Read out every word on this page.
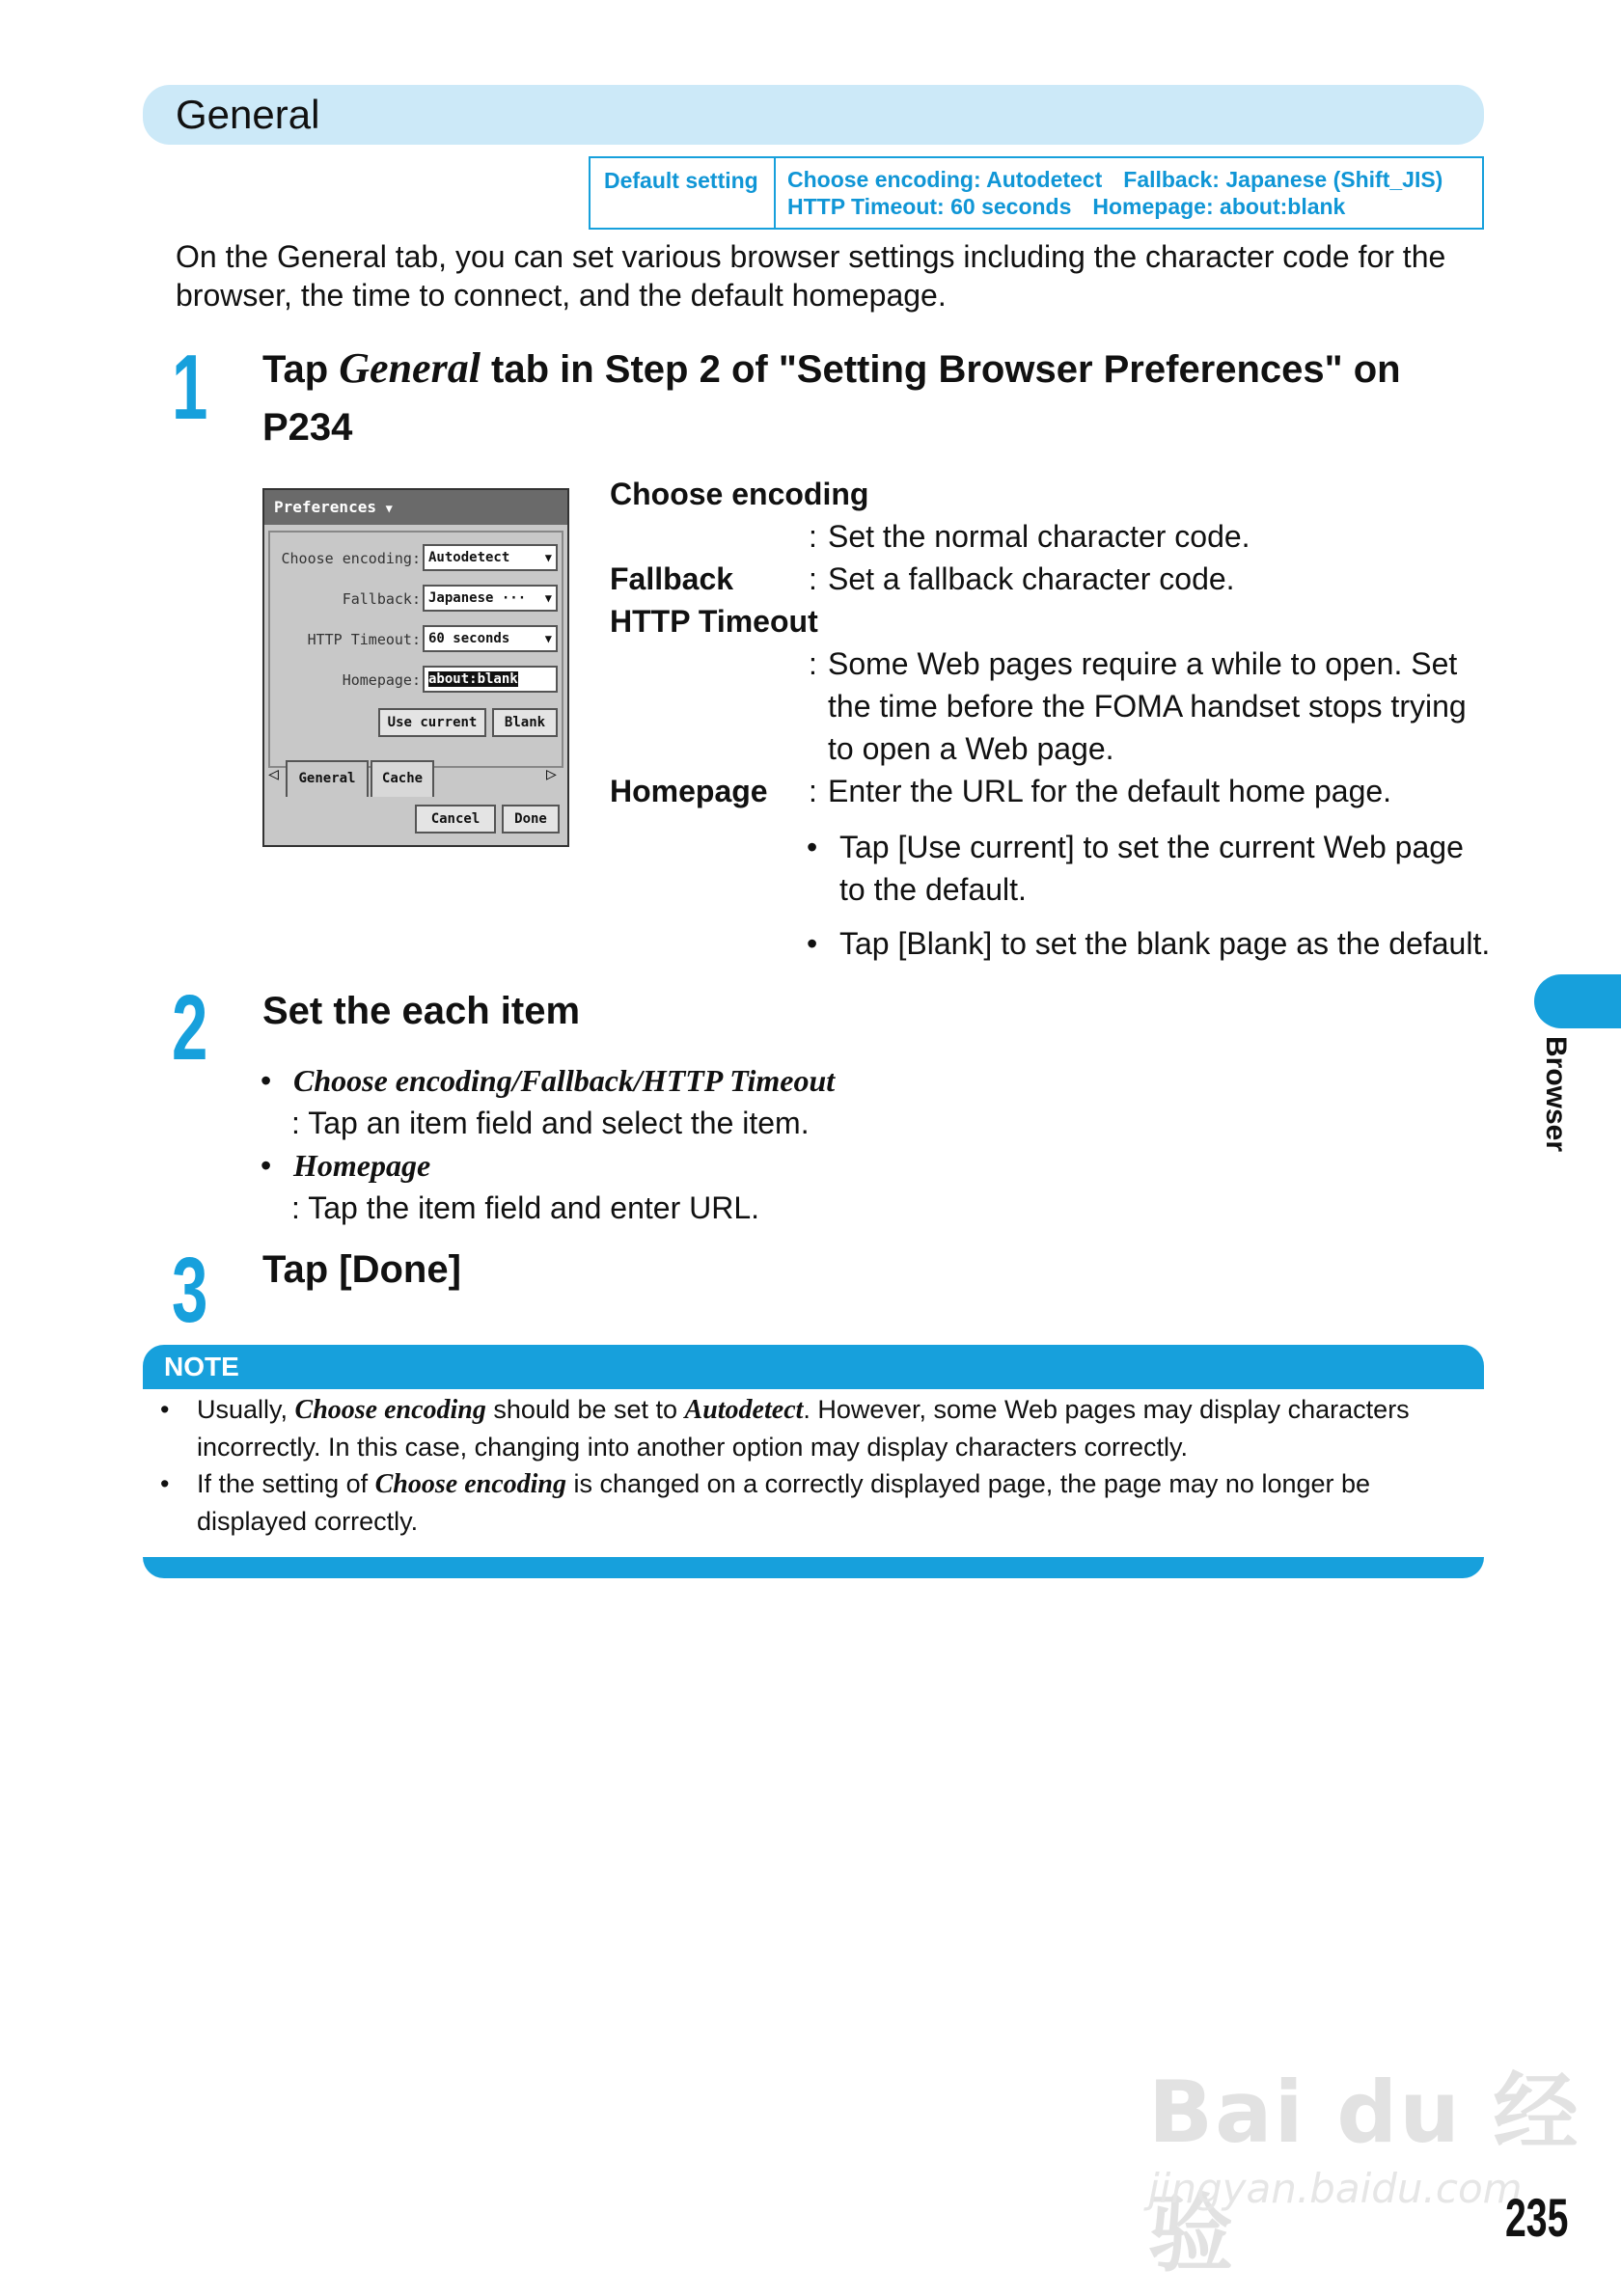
General
Default setting	Choose encoding: Autodetect Fallback: Japanese (Shift_JIS)
HTTP Timeout: 60 seconds Homepage: about:blank
On the General tab, you can set various browser settings including the character code for the browser, the time to connect, and the default homepage.
1 Tap General tab in Step 2 of "Setting Browser Preferences" on P234
Preferences ▼
Choose encoding: Autodetect	▼
Fallback: Japanese ··· ▼
HTTP Timeout: 60 seconds	▼
Homepage: about:blank
Use current	Blank
◁	General	Cache	▷
Cancel	Done
Choose encoding
: Set the normal character code.
Fallback : Set a fallback character code.
HTTP Timeout
: Some Web pages require a while to open. Set the time before the FOMA handset stops trying to open a Web page.
Homepage : Enter the URL for the default home page.
• Tap [Use current] to set the current Web page to the default.
• Tap [Blank] to set the blank page as the default.
2 Set the each item
• Choose encoding/Fallback/HTTP Timeout
: Tap an item field and select the item.
• Homepage
: Tap the item field and enter URL.
3 Tap [Done]
NOTE
• Usually, Choose encoding should be set to Autodetect. However, some Web pages may display characters incorrectly. In this case, changing into another option may display characters correctly.
• If the setting of Choose encoding is changed on a correctly displayed page, the page may no longer be displayed correctly.
Browser
Bai du 经验
jingyan.baidu.com
235
